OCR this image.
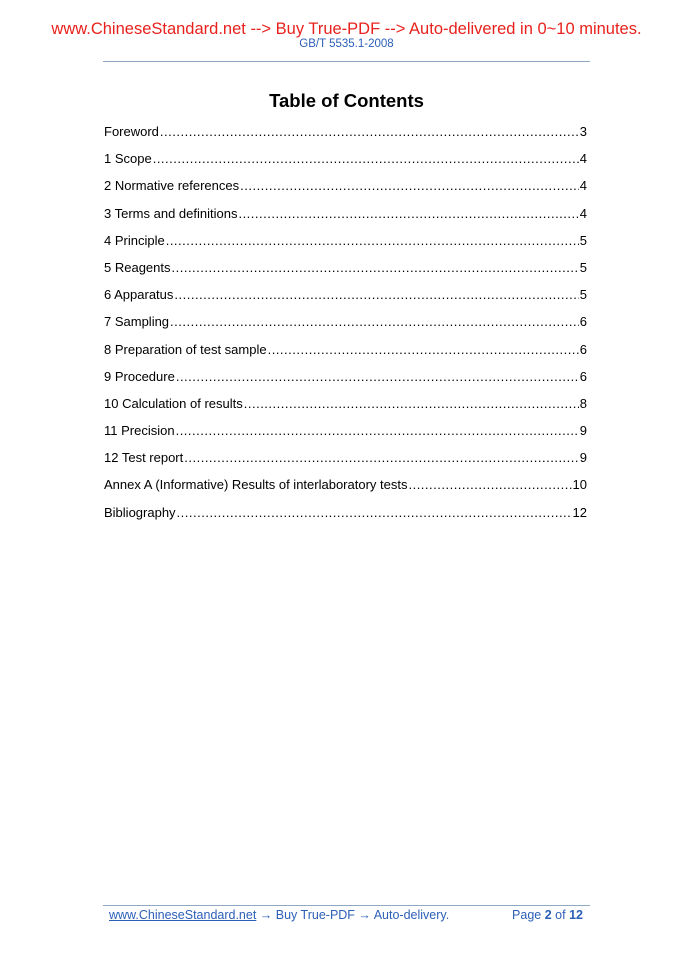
www.ChineseStandard.net --> Buy True-PDF --> Auto-delivered in 0~10 minutes.
GB/T 5535.1-2008
Table of Contents
Foreword .....	3
1 Scope .....	4
2 Normative references .....	4
3 Terms and definitions .....	4
4 Principle .....	5
5 Reagents .....	5
6 Apparatus .....	5
7 Sampling .....	6
8 Preparation of test sample .....	6
9 Procedure .....	6
10 Calculation of results .....	8
11 Precision .....	9
12 Test report .....	9
Annex A (Informative) Results of interlaboratory tests .....	10
Bibliography .....	12
www.ChineseStandard.net → Buy True-PDF → Auto-delivery.	Page 2 of 12
